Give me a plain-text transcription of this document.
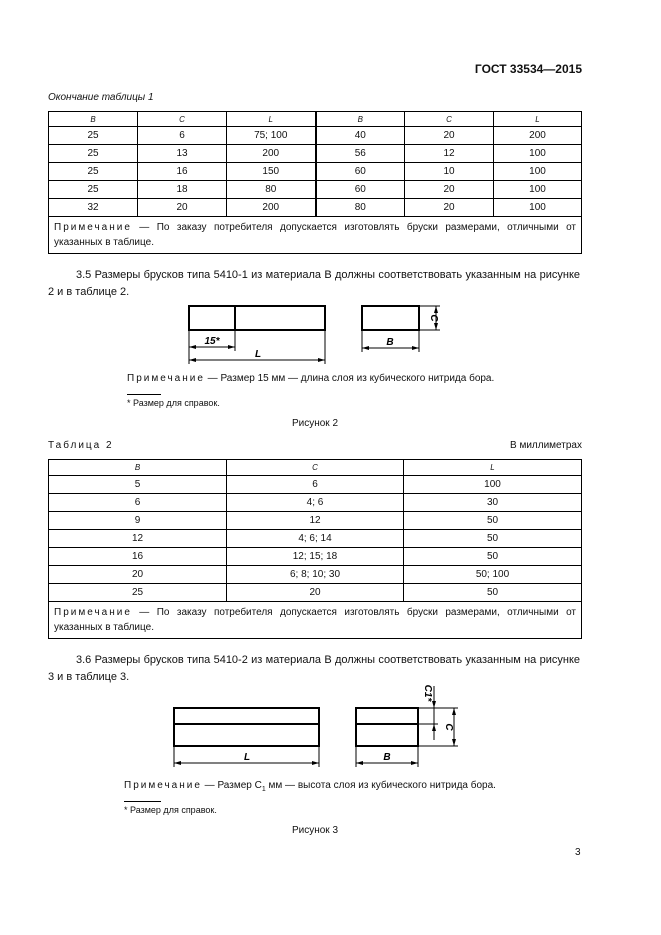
ГОСТ 33534—2015
Окончание таблицы 1
B	C	L	B	C	L
25	6	75; 100	40	20	200
25	13	200	56	12	100
25	16	150	60	10	100
25	18	80	60	20	100
32	20	200	80	20	100
Примечание — По заказу потребителя допускается изготовлять бруски размерами, отличными от указанных в таблице.					
3.5 Размеры брусков типа 5410-1 из материала В должны соответствовать указанным на рисунке 2 и в таблице 2.
15*
L
B
C
Примечание — Размер 15 мм — длина слоя из кубического нитрида бора.
* Размер для справок.
Рисунок 2
Таблица 2	В миллиметрах
B	C	L
5	6	100
6	4; 6	30
9	12	50
12	4; 6; 14	50
16	12; 15; 18	50
20	6; 8; 10; 30	50; 100
25	20	50
Примечание — По заказу потребителя допускается изготовлять бруски размерами, отличными от указанных в таблице.		
3.6 Размеры брусков типа 5410-2 из материала В должны соответствовать указанным на рисунке 3 и в таблице 3.
L	B
C1*
C
Примечание — Размер $C_1$ мм — высота слоя из кубического нитрида бора.
* Размер для справок.
Рисунок 3
3
